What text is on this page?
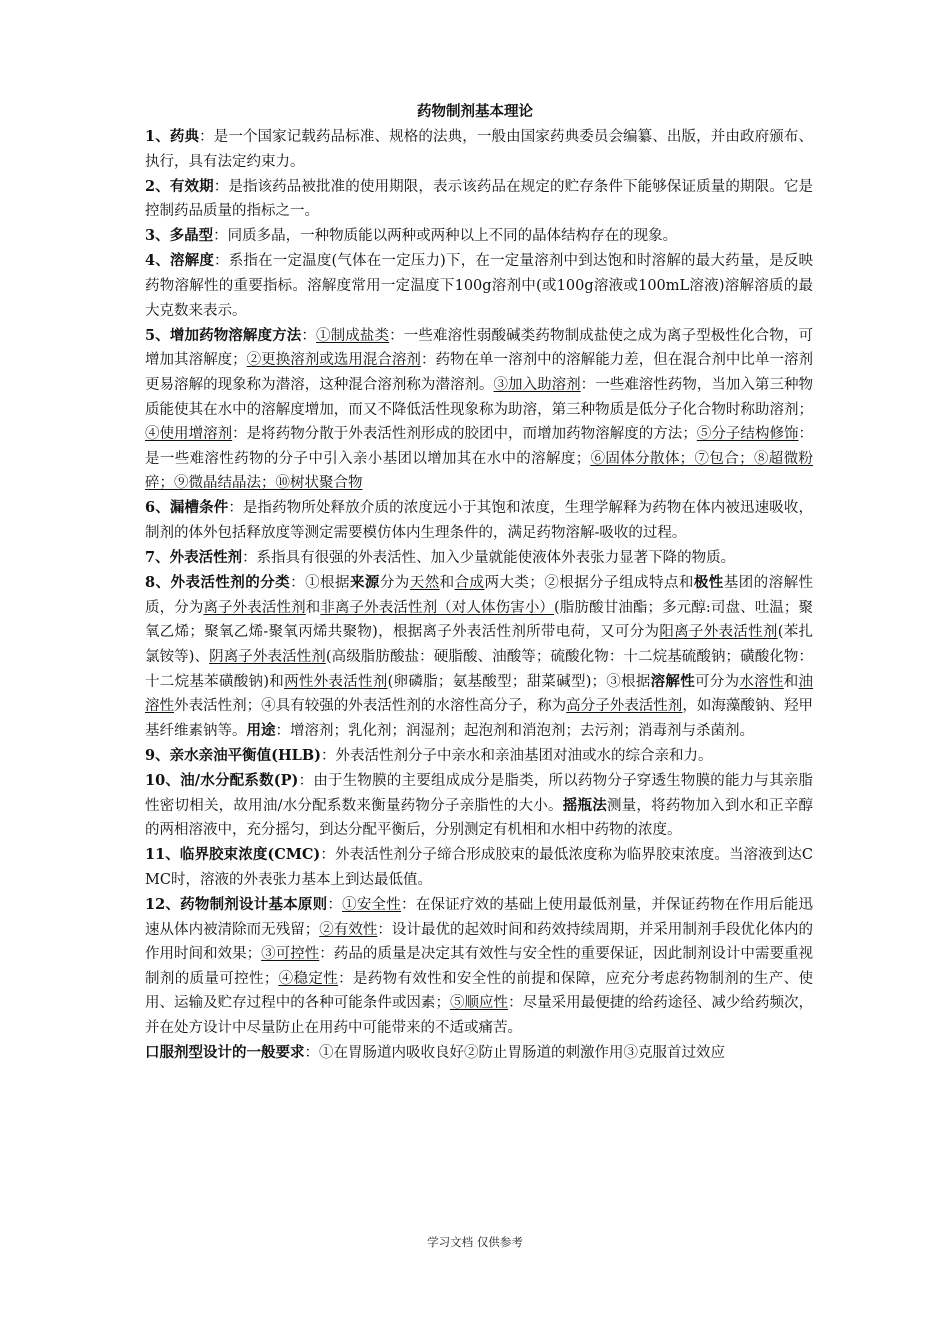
药物制剂基本理论

1、药典：是一个国家记载药品标准、规格的法典，一般由国家药典委员会编纂、出版，并由政府颁布、执行，具有法定约束力。

2、有效期：是指该药品被批准的使用期限，表示该药品在规定的贮存条件下能够保证质量的期限。它是控制药品质量的指标之一。

3、多晶型：同质多晶，一种物质能以两种或两种以上不同的晶体结构存在的现象。

4、溶解度：系指在一定温度(气体在一定压力)下，在一定量溶剂中到达饱和时溶解的最大药量，是反映药物溶解性的重要指标。溶解度常用一定温度下100g溶剂中(或100g溶液或100mL溶液)溶解溶质的最大克数来表示。

5、增加药物溶解度方法：①制成盐类：一些难溶性弱酸碱类药物制成盐使之成为离子型极性化合物，可增加其溶解度；②更换溶剂或选用混合溶剂：药物在单一溶剂中的溶解能力差，但在混合剂中比单一溶剂更易溶解的现象称为潜溶，这种混合溶剂称为潜溶剂。③加入助溶剂：一些难溶性药物，当加入第三种物质能使其在水中的溶解度增加，而又不降低活性现象称为助溶，第三种物质是低分子化合物时称助溶剂；④使用增溶剂：是将药物分散于外表活性剂形成的胶团中，而增加药物溶解度的方法；⑤分子结构修饰：是一些难溶性药物的分子中引入亲小基团以增加其在水中的溶解度；⑥固体分散体；⑦包合；⑧超微粉碎；⑨微晶结晶法；⑩树状聚合物

6、漏槽条件：是指药物所处释放介质的浓度远小于其饱和浓度，生理学解释为药物在体内被迅速吸收，制剂的体外包括释放度等测定需要模仿体内生理条件的，满足药物溶解-吸收的过程。

7、外表活性剂：系指具有很强的外表活性、加入少量就能使液体外表张力显著下降的物质。

8、外表活性剂的分类：①根据来源分为天然和合成两大类；②根据分子组成特点和极性基团的溶解性质，分为离子外表活性剂和非离子外表活性剂（对人体伤害小）(脂肪酸甘油酯；多元醇:司盘、吐温；聚氧乙烯；聚氧乙烯-聚氧丙烯共聚物)，根据离子外表活性剂所带电荷，又可分为阳离子外表活性剂(苯扎氯铵等)、阴离子外表活性剂(高级脂肪酸盐：硬脂酸、油酸等；硫酸化物：十二烷基硫酸钠；磺酸化物：十二烷基苯磺酸钠)和两性外表活性剂(卵磷脂；氨基酸型；甜菜碱型)；③根据溶解性可分为水溶性和油溶性外表活性剂；④具有较强的外表活性剂的水溶性高分子，称为高分子外表活性剂，如海藻酸钠、羟甲基纤维素钠等。用途：增溶剂；乳化剂；润湿剂；起泡剂和消泡剂；去污剂；消毒剂与杀菌剂。

9、亲水亲油平衡值(HLB)：外表活性剂分子中亲水和亲油基团对油或水的综合亲和力。

10、油/水分配系数(P)：由于生物膜的主要组成成分是脂类，所以药物分子穿透生物膜的能力与其亲脂性密切相关，故用油/水分配系数来衡量药物分子亲脂性的大小。摇瓶法测量，将药物加入到水和正辛醇的两相溶液中，充分摇匀，到达分配平衡后，分别测定有机相和水相中药物的浓度。

11、临界胶束浓度(CMC)：外表活性剂分子缔合形成胶束的最低浓度称为临界胶束浓度。当溶液到达CMC时，溶液的外表张力基本上到达最低值。

12、药物制剂设计基本原则：①安全性：在保证疗效的基础上使用最低剂量，并保证药物在作用后能迅速从体内被清除而无残留；②有效性：设计最优的起效时间和药效持续周期，并采用制剂手段优化体内的作用时间和效果；③可控性：药品的质量是决定其有效性与安全性的重要保证，因此制剂设计中需要重视制剂的质量可控性；④稳定性：是药物有效性和安全性的前提和保障，应充分考虑药物制剂的生产、使用、运输及贮存过程中的各种可能条件或因素；⑤顺应性：尽量采用最便捷的给药途径、减少给药频次，并在处方设计中尽量防止在用药中可能带来的不适或痛苦。

口服剂型设计的一般要求：①在胃肠道内吸收良好②防止胃肠道的刺激作用③克服首过效应

学习文档 仅供参考
